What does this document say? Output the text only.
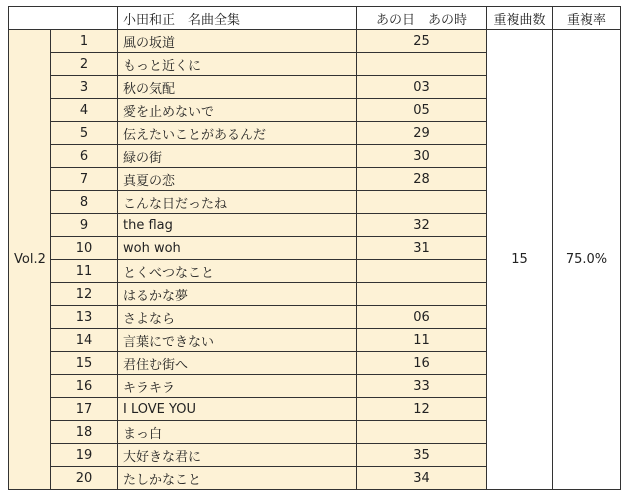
		小田和正　名曲全集	あの日　あの時	重複曲数	重複率
Vol.2	1	風の坂道	25	15	75.0%
	2	もっと近くに			
	3	秋の気配	03		
	4	愛を止めないで	05		
	5	伝えたいことがあるんだ	29		
	6	緑の街	30		
	7	真夏の恋	28		
	8	こんな日だったね			
	9	the flag	32		
	10	woh woh	31		
	11	とくべつなこと			
	12	はるかな夢			
	13	さよなら	06		
	14	言葉にできない	11		
	15	君住む街へ	16		
	16	キラキラ	33		
	17	I LOVE YOU	12		
	18	まっ白			
	19	大好きな君に	35		
	20	たしかなこと	34		
